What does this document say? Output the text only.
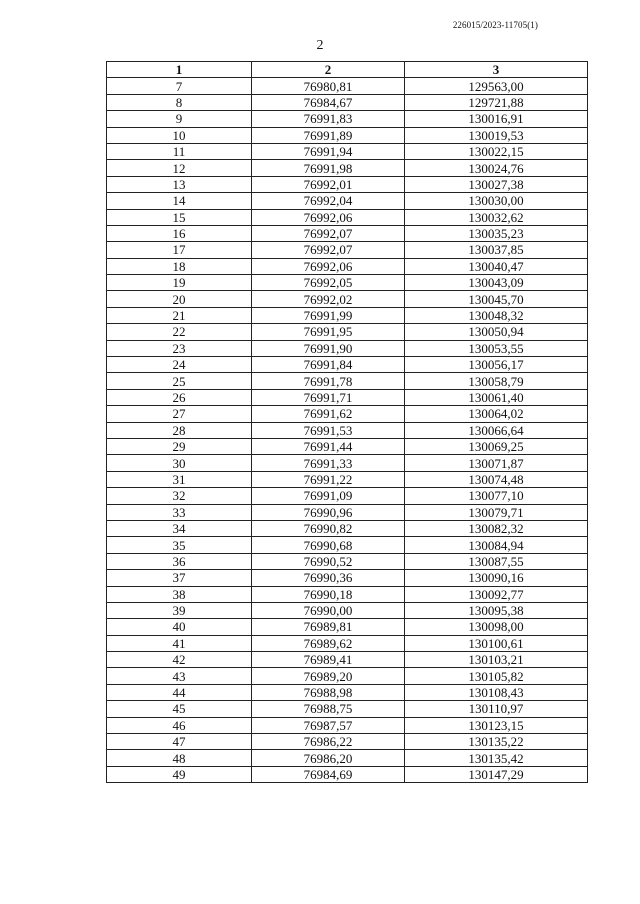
226015/2023-11705(1)
2
1	2	3
7	76980,81	129563,00
8	76984,67	129721,88
9	76991,83	130016,91
10	76991,89	130019,53
11	76991,94	130022,15
12	76991,98	130024,76
13	76992,01	130027,38
14	76992,04	130030,00
15	76992,06	130032,62
16	76992,07	130035,23
17	76992,07	130037,85
18	76992,06	130040,47
19	76992,05	130043,09
20	76992,02	130045,70
21	76991,99	130048,32
22	76991,95	130050,94
23	76991,90	130053,55
24	76991,84	130056,17
25	76991,78	130058,79
26	76991,71	130061,40
27	76991,62	130064,02
28	76991,53	130066,64
29	76991,44	130069,25
30	76991,33	130071,87
31	76991,22	130074,48
32	76991,09	130077,10
33	76990,96	130079,71
34	76990,82	130082,32
35	76990,68	130084,94
36	76990,52	130087,55
37	76990,36	130090,16
38	76990,18	130092,77
39	76990,00	130095,38
40	76989,81	130098,00
41	76989,62	130100,61
42	76989,41	130103,21
43	76989,20	130105,82
44	76988,98	130108,43
45	76988,75	130110,97
46	76987,57	130123,15
47	76986,22	130135,22
48	76986,20	130135,42
49	76984,69	130147,29
